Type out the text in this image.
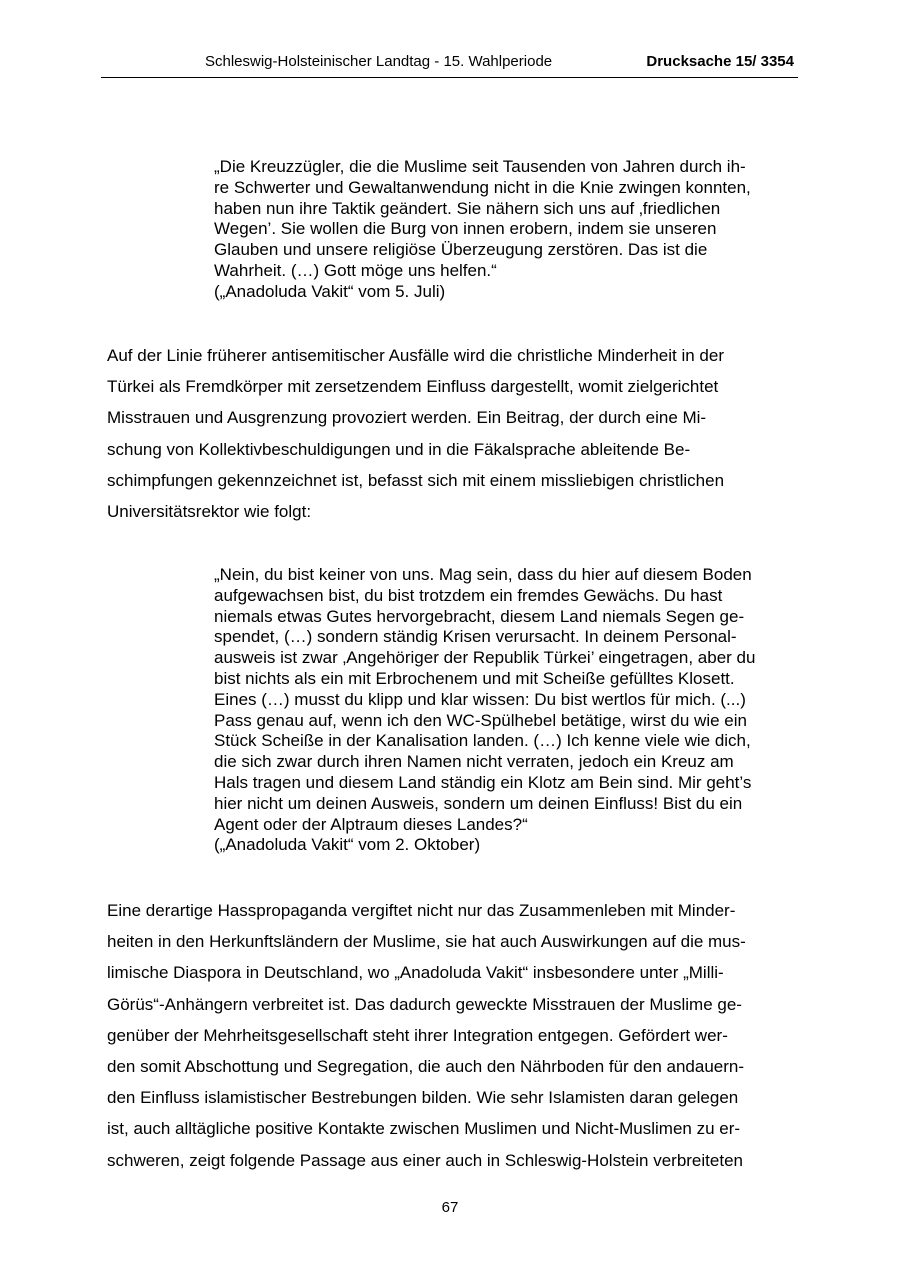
Schleswig-Holsteinischer Landtag - 15. Wahlperiode	Drucksache 15/ 3354

„Die Kreuzzügler, die die Muslime seit Tausenden von Jahren durch ih-

re Schwerter und Gewaltanwendung nicht in die Knie zwingen konnten,

haben nun ihre Taktik geändert. Sie nähern sich uns auf ‚friedlichen

Wegen’. Sie wollen die Burg von innen erobern, indem sie unseren

Glauben und unsere religiöse Überzeugung zerstören. Das ist die

Wahrheit. (…) Gott möge uns helfen.“

(„Anadoluda Vakit“ vom 5. Juli)

Auf der Linie früherer antisemitischer Ausfälle wird die christliche Minderheit in der

Türkei als Fremdkörper mit zersetzendem Einfluss dargestellt, womit zielgerichtet

Misstrauen und Ausgrenzung provoziert werden. Ein Beitrag, der durch eine Mi-

schung von Kollektivbeschuldigungen und in die Fäkalsprache ableitende Be-

schimpfungen gekennzeichnet ist, befasst sich mit einem missliebigen christlichen

Universitätsrektor wie folgt:

„Nein, du bist keiner von uns. Mag sein, dass du hier auf diesem Boden

aufgewachsen bist, du bist trotzdem ein fremdes Gewächs. Du hast

niemals etwas Gutes hervorgebracht, diesem Land niemals Segen ge-

spendet, (…) sondern ständig Krisen verursacht. In deinem Personal-

ausweis ist zwar ‚Angehöriger der Republik Türkei’ eingetragen, aber du

bist nichts als ein mit Erbrochenem und mit Scheiße gefülltes Klosett.

Eines (…) musst du klipp und klar wissen: Du bist wertlos für mich. (...)

Pass genau auf, wenn ich den WC-Spülhebel betätige, wirst du wie ein

Stück Scheiße in der Kanalisation landen. (…) Ich kenne viele wie dich,

die sich zwar durch ihren Namen nicht verraten, jedoch ein Kreuz am

Hals tragen und diesem Land ständig ein Klotz am Bein sind. Mir geht’s

hier nicht um deinen Ausweis, sondern um deinen Einfluss! Bist du ein

Agent oder der Alptraum dieses Landes?“

(„Anadoluda Vakit“ vom 2. Oktober)

Eine derartige Hasspropaganda vergiftet nicht nur das Zusammenleben mit Minder-

heiten in den Herkunftsländern der Muslime, sie hat auch Auswirkungen auf die mus-

limische Diaspora in Deutschland, wo „Anadoluda Vakit“ insbesondere unter „Milli-

Görüs“-Anhängern verbreitet ist. Das dadurch geweckte Misstrauen der Muslime ge-

genüber der Mehrheitsgesellschaft steht ihrer Integration entgegen. Gefördert wer-

den somit Abschottung und Segregation, die auch den Nährboden für den andauern-

den Einfluss islamistischer Bestrebungen bilden. Wie sehr Islamisten daran gelegen

ist, auch alltägliche positive Kontakte zwischen Muslimen und Nicht-Muslimen zu er-

schweren, zeigt folgende Passage aus einer auch in Schleswig-Holstein verbreiteten

67
